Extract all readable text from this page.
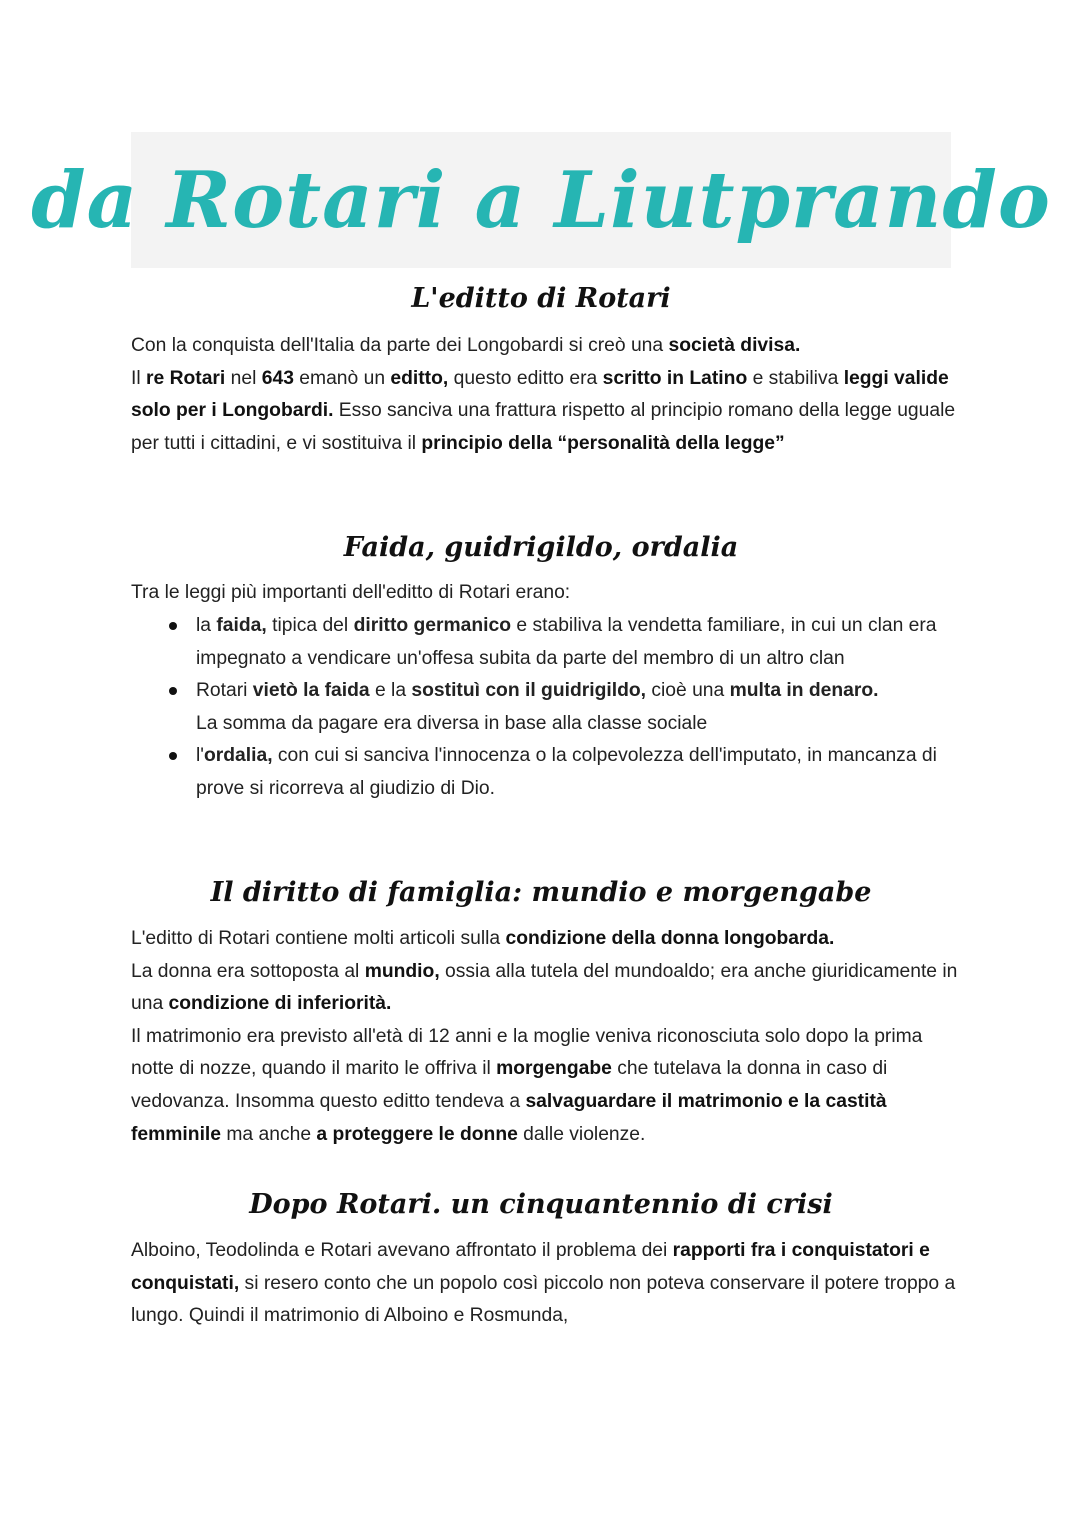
da Rotari a Liutprando
L'editto di Rotari

Con la conquista dell'Italia da parte dei Longobardi si creò una società divisa.
Il re Rotari nel 643 emanò un editto, questo editto era scritto in Latino e stabiliva leggi valide solo per i Longobardi. Esso sanciva una frattura rispetto al principio romano della legge uguale per tutti i cittadini, e vi sostituiva il principio della “personalità della legge”

Faida, guidrigildo, ordalia

Tra le leggi più importanti dell'editto di Rotari erano:

la faida, tipica del diritto germanico e stabiliva la vendetta familiare, in cui un clan era impegnato a vendicare un'offesa subita da parte del membro di un altro clan
Rotari vietò la faida e la sostituì con il guidrigildo, cioè una multa in denaro.
La somma da pagare era diversa in base alla classe sociale
l'ordalia, con cui si sanciva l'innocenza o la colpevolezza dell'imputato, in mancanza di prove si ricorreva al giudizio di Dio.
Il diritto di famiglia: mundio e morgengabe

L'editto di Rotari contiene molti articoli sulla condizione della donna longobarda.
La donna era sottoposta al mundio, ossia alla tutela del mundoaldo; era anche giuridicamente in una condizione di inferiorità.
Il matrimonio era previsto all'età di 12 anni e la moglie veniva riconosciuta solo dopo la prima notte di nozze, quando il marito le offriva il morgengabe che tutelava la donna in caso di vedovanza. Insomma questo editto tendeva a salvaguardare il matrimonio e la castità femminile ma anche a proteggere le donne dalle violenze.

Dopo Rotari. un cinquantennio di crisi

Alboino, Teodolinda e Rotari avevano affrontato il problema dei rapporti fra i conquistatori e conquistati, si resero conto che un popolo così piccolo non poteva conservare il potere troppo a lungo. Quindi il matrimonio di Alboino e Rosmunda,
